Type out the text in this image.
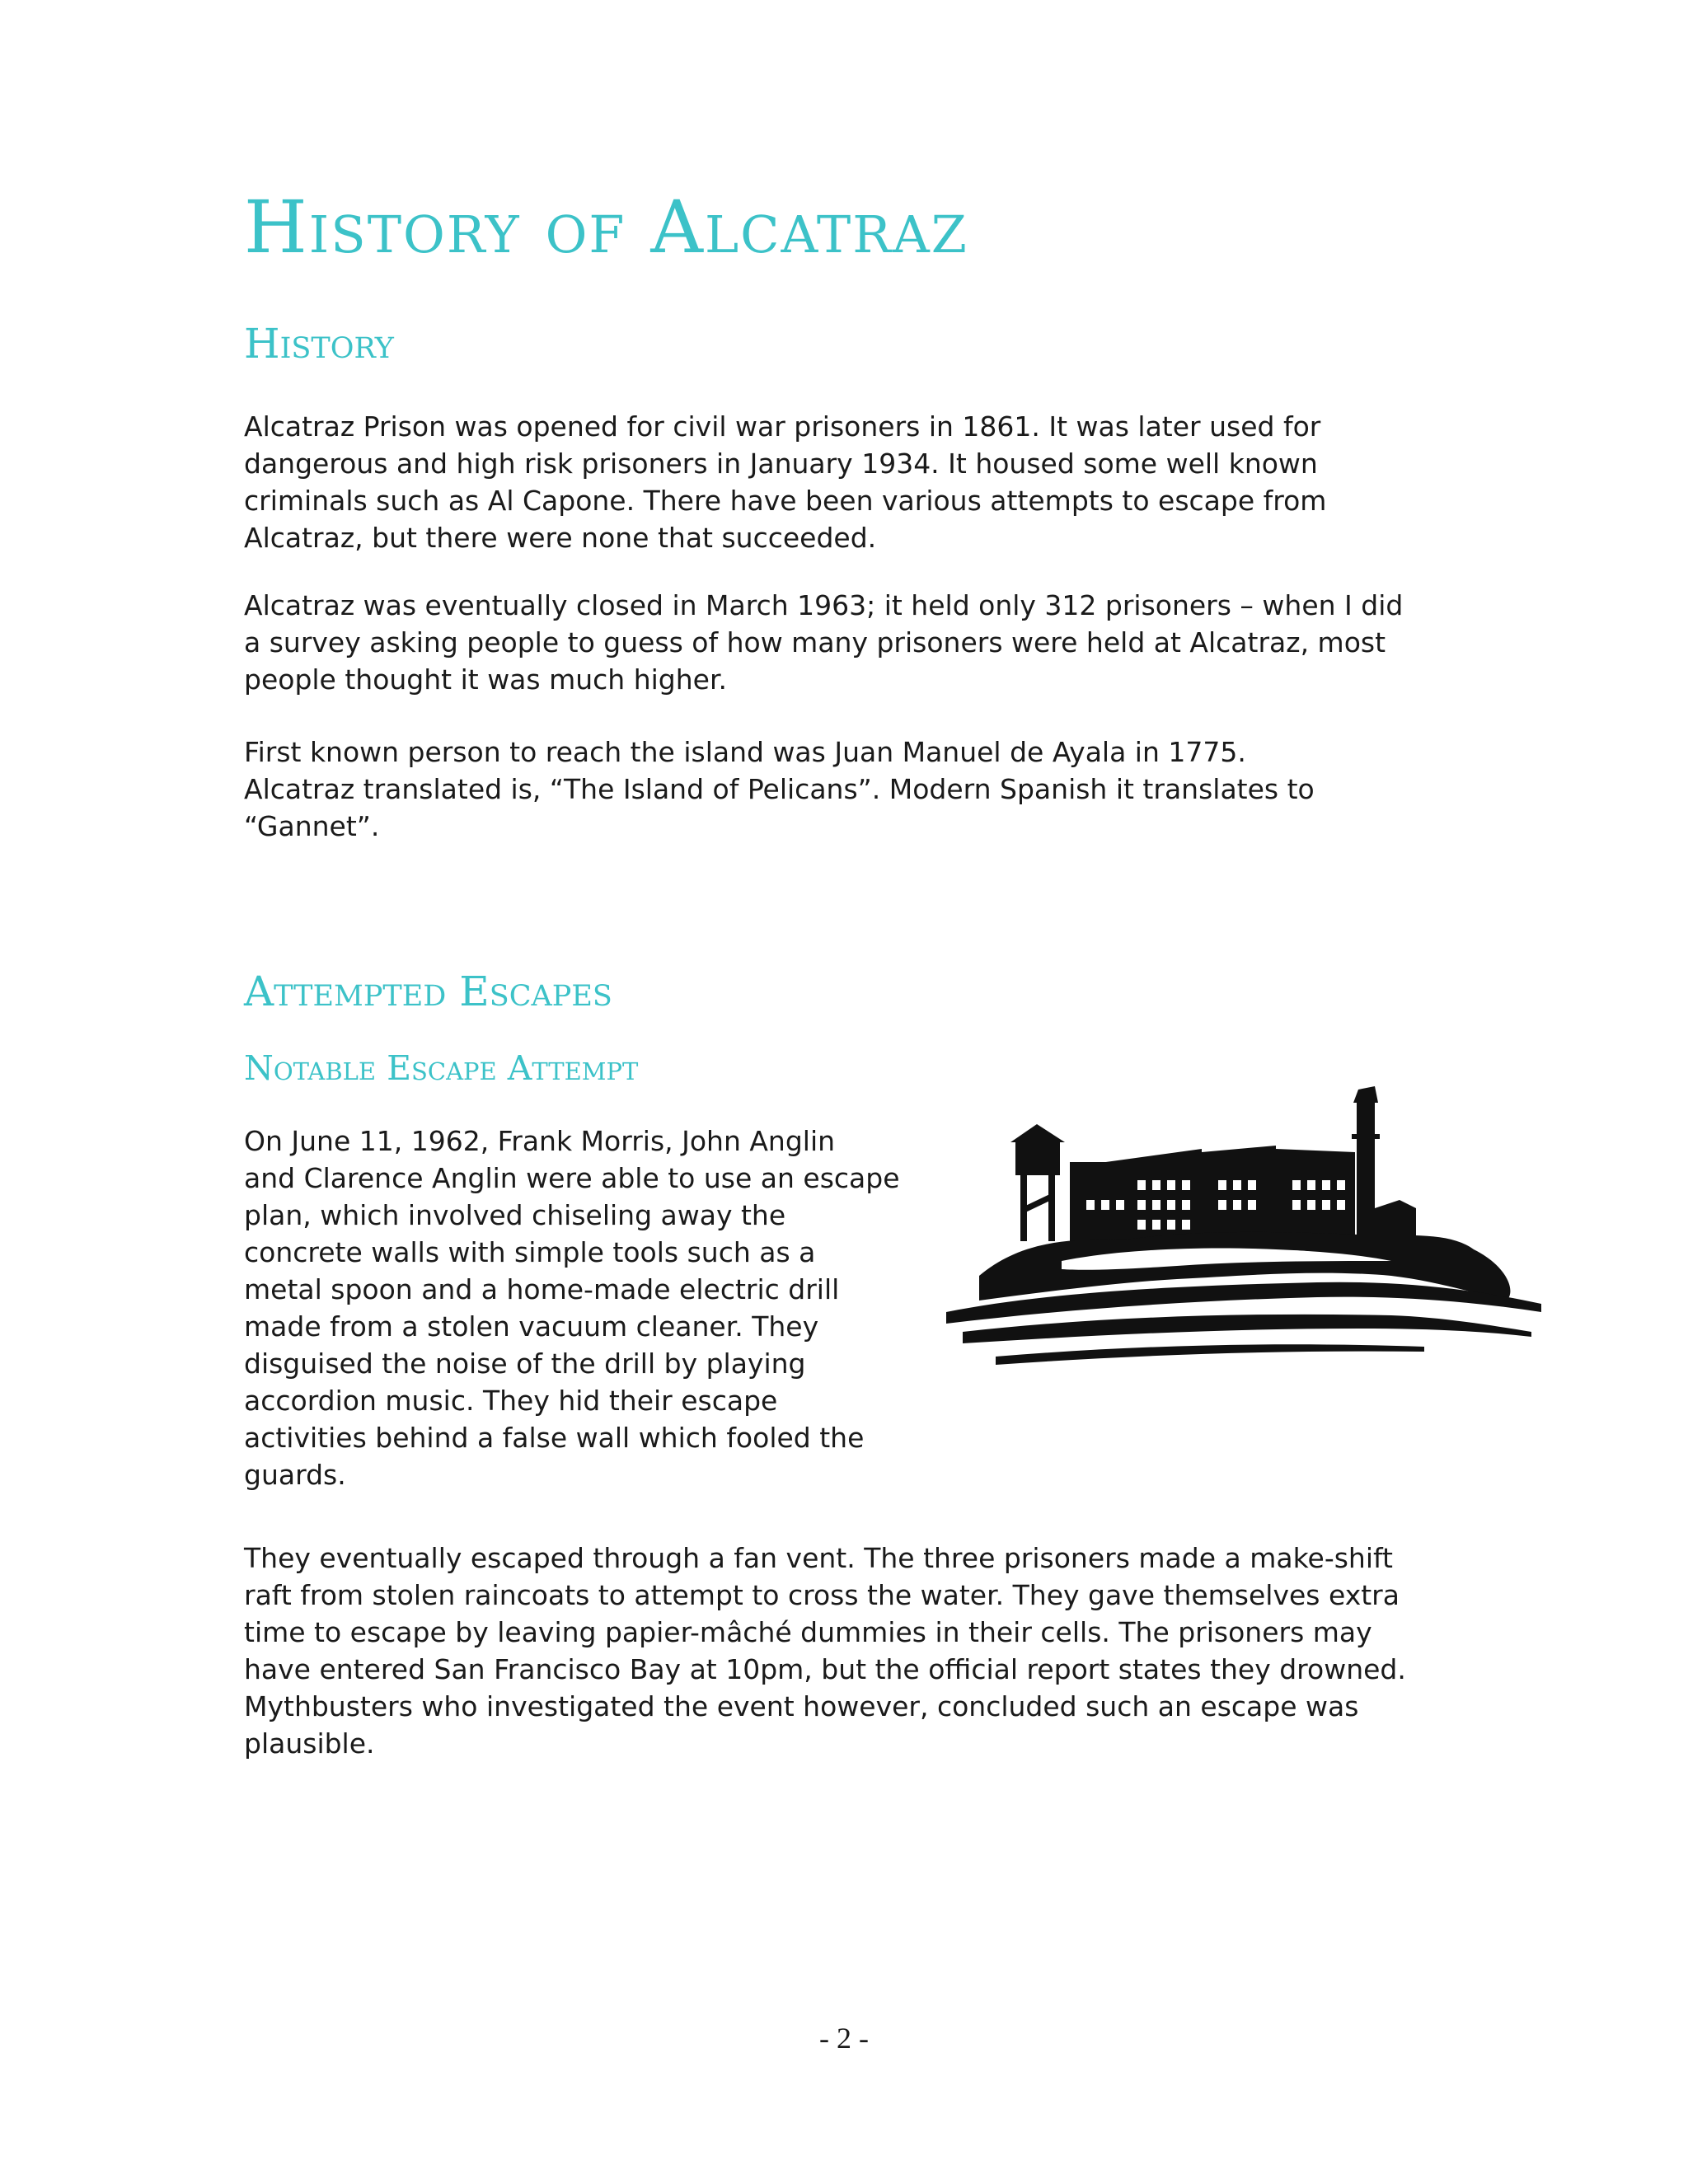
History of Alcatraz
History

Alcatraz Prison was opened for civil war prisoners in 1861. It was later used for
dangerous and high risk prisoners in January 1934. It housed some well known
criminals such as Al Capone. There have been various attempts to escape from
Alcatraz, but there were none that succeeded.

Alcatraz was eventually closed in March 1963; it held only 312 prisoners – when I did
a survey asking people to guess of how many prisoners were held at Alcatraz, most
people thought it was much higher.

First known person to reach the island was Juan Manuel de Ayala in 1775.
Alcatraz translated is, “The Island of Pelicans”. Modern Spanish it translates to
“Gannet”.

Attempted Escapes
Notable Escape Attempt

On June 11, 1962, Frank Morris, John Anglin
and Clarence Anglin were able to use an escape
plan, which involved chiseling away the
concrete walls with simple tools such as a
metal spoon and a home-made electric drill
made from a stolen vacuum cleaner. They
disguised the noise of the drill by playing
accordion music. They hid their escape
activities behind a false wall which fooled the
guards.

They eventually escaped through a fan vent. The three prisoners made a make-shift
raft from stolen raincoats to attempt to cross the water. They gave themselves extra
time to escape by leaving papier-mâché dummies in their cells. The prisoners may
have entered San Francisco Bay at 10pm, but the official report states they drowned.
Mythbusters who investigated the event however, concluded such an escape was
plausible.

- 2 -
